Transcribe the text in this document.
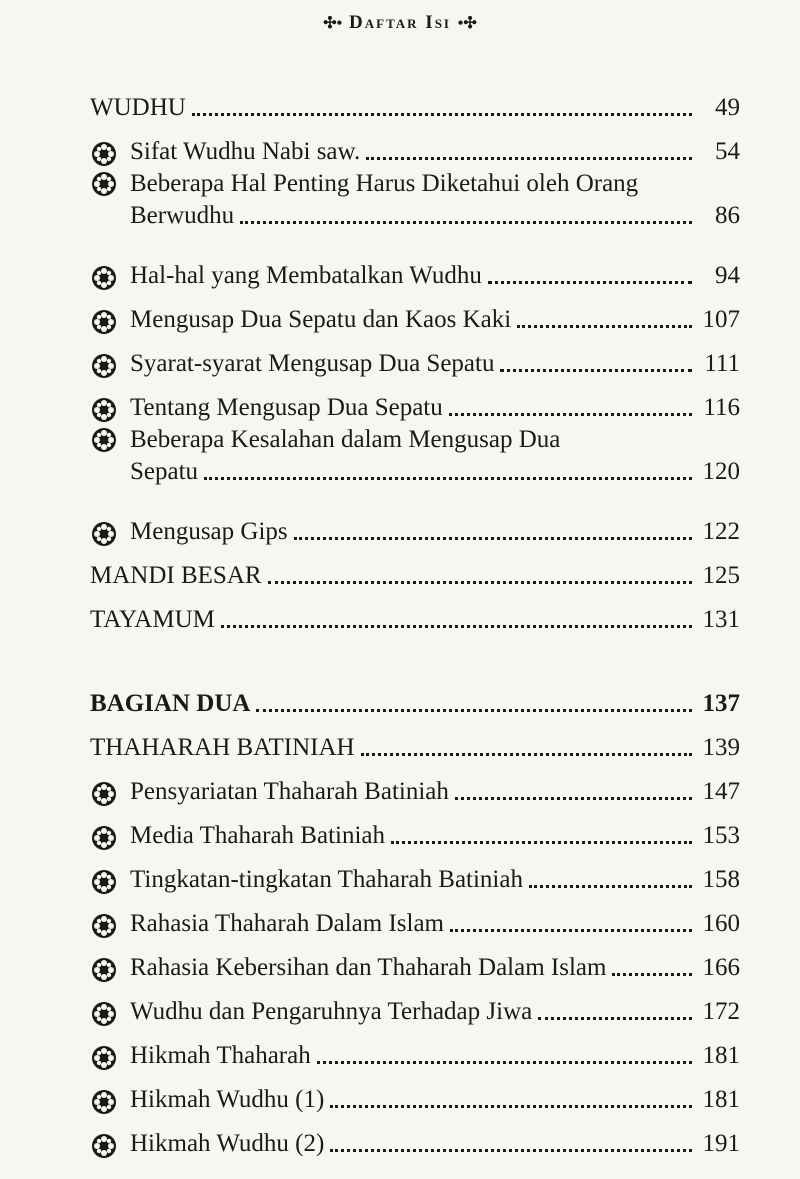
✣• Daftar Isi •✣
WUDHU	49
Sifat Wudhu Nabi saw.	54
Beberapa Hal Penting Harus Diketahui oleh Orang
Berwudhu	86
Hal-hal yang Membatalkan Wudhu	94
Mengusap Dua Sepatu dan Kaos Kaki	107
Syarat-syarat Mengusap Dua Sepatu	111
Tentang Mengusap Dua Sepatu	116
Beberapa Kesalahan dalam Mengusap Dua
Sepatu	120
Mengusap Gips	122
MANDI BESAR	125
TAYAMUM	131
BAGIAN DUA	137
THAHARAH BATINIAH	139
Pensyariatan Thaharah Batiniah	147
Media Thaharah Batiniah	153
Tingkatan-tingkatan Thaharah Batiniah	158
Rahasia Thaharah Dalam Islam	160
Rahasia Kebersihan dan Thaharah Dalam Islam	166
Wudhu dan Pengaruhnya Terhadap Jiwa	172
Hikmah Thaharah	181
Hikmah Wudhu (1)	181
Hikmah Wudhu (2)	191
